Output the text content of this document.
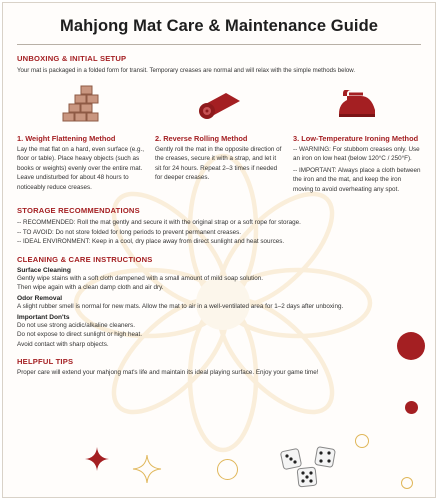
Mahjong Mat Care & Maintenance Guide
UNBOXING & INITIAL SETUP
Your mat is packaged in a folded form for transit. Temporary creases are normal and will relax with the simple methods below.
1. Weight Flattening Method
Lay the mat flat on a hard, even surface (e.g., floor or table). Place heavy objects (such as books or weights) evenly over the entire mat. Leave undisturbed for about 48 hours to noticeably reduce creases.
2. Reverse Rolling Method
Gently roll the mat in the opposite direction of the creases, secure it with a strap, and let it sit for 24 hours. Repeat 2–3 times if needed for deeper creases.
3. Low-Temperature Ironing Method
-- WARNING: For stubborn creases only. Use an iron on low heat (below 120°C / 250°F).
-- IMPORTANT: Always place a cloth between the iron and the mat, and keep the iron moving to avoid overheating any spot.
STORAGE RECOMMENDATIONS
-- RECOMMENDED: Roll the mat gently and secure it with the original strap or a soft rope for storage.
-- TO AVOID: Do not store folded for long periods to prevent permanent creases.
-- IDEAL ENVIRONMENT: Keep in a cool, dry place away from direct sunlight and heat sources.
CLEANING & CARE INSTRUCTIONS
Surface Cleaning
Gently wipe stains with a soft cloth dampened with a small amount of mild soap solution.
Then wipe again with a clean damp cloth and air dry.
Odor Removal
A slight rubber smell is normal for new mats. Allow the mat to air in a well-ventilated area for 1–2 days after unboxing.
Important Don'ts
Do not use strong acidic/alkaline cleaners.
Do not expose to direct sunlight or high heat.
Avoid contact with sharp objects.
HELPFUL TIPS
Proper care will extend your mahjong mat's life and maintain its ideal playing surface. Enjoy your game time!
